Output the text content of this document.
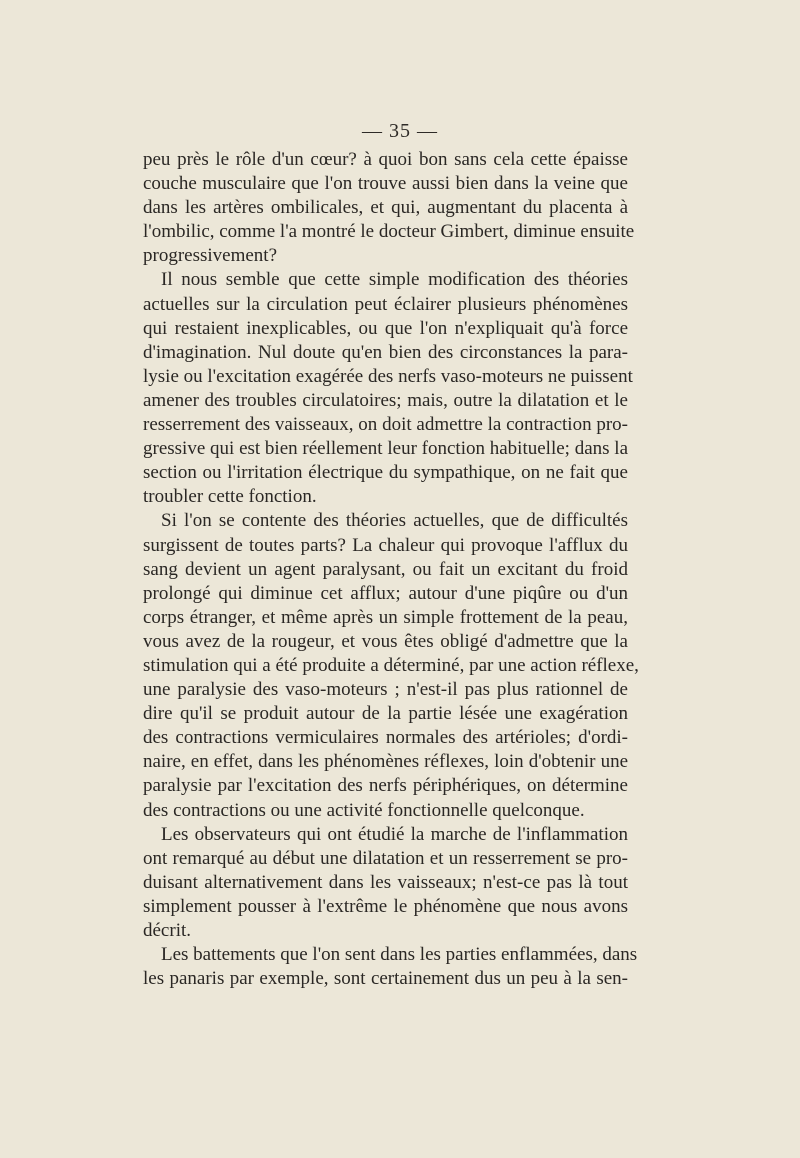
— 35 —
peu près le rôle d'un cœur? à quoi bon sans cela cette épaisse
couche musculaire que l'on trouve aussi bien dans la veine que
dans les artères ombilicales, et qui, augmentant du placenta à
l'ombilic, comme l'a montré le docteur Gimbert, diminue ensuite
progressivement?
Il nous semble que cette simple modification des théories
actuelles sur la circulation peut éclairer plusieurs phénomènes
qui restaient inexplicables, ou que l'on n'expliquait qu'à force
d'imagination. Nul doute qu'en bien des circonstances la para-
lysie ou l'excitation exagérée des nerfs vaso-moteurs ne puissent
amener des troubles circulatoires; mais, outre la dilatation et le
resserrement des vaisseaux, on doit admettre la contraction pro-
gressive qui est bien réellement leur fonction habituelle; dans la
section ou l'irritation électrique du sympathique, on ne fait que
troubler cette fonction.
Si l'on se contente des théories actuelles, que de difficultés
surgissent de toutes parts? La chaleur qui provoque l'afflux du
sang devient un agent paralysant, ou fait un excitant du froid
prolongé qui diminue cet afflux; autour d'une piqûre ou d'un
corps étranger, et même après un simple frottement de la peau,
vous avez de la rougeur, et vous êtes obligé d'admettre que la
stimulation qui a été produite a déterminé, par une action réflexe,
une paralysie des vaso-moteurs ; n'est-il pas plus rationnel de
dire qu'il se produit autour de la partie lésée une exagération
des contractions vermiculaires normales des artérioles; d'ordi-
naire, en effet, dans les phénomènes réflexes, loin d'obtenir une
paralysie par l'excitation des nerfs périphériques, on détermine
des contractions ou une activité fonctionnelle quelconque.
Les observateurs qui ont étudié la marche de l'inflammation
ont remarqué au début une dilatation et un resserrement se pro-
duisant alternativement dans les vaisseaux; n'est-ce pas là tout
simplement pousser à l'extrême le phénomène que nous avons
décrit.
Les battements que l'on sent dans les parties enflammées, dans
les panaris par exemple, sont certainement dus un peu à la sen-
